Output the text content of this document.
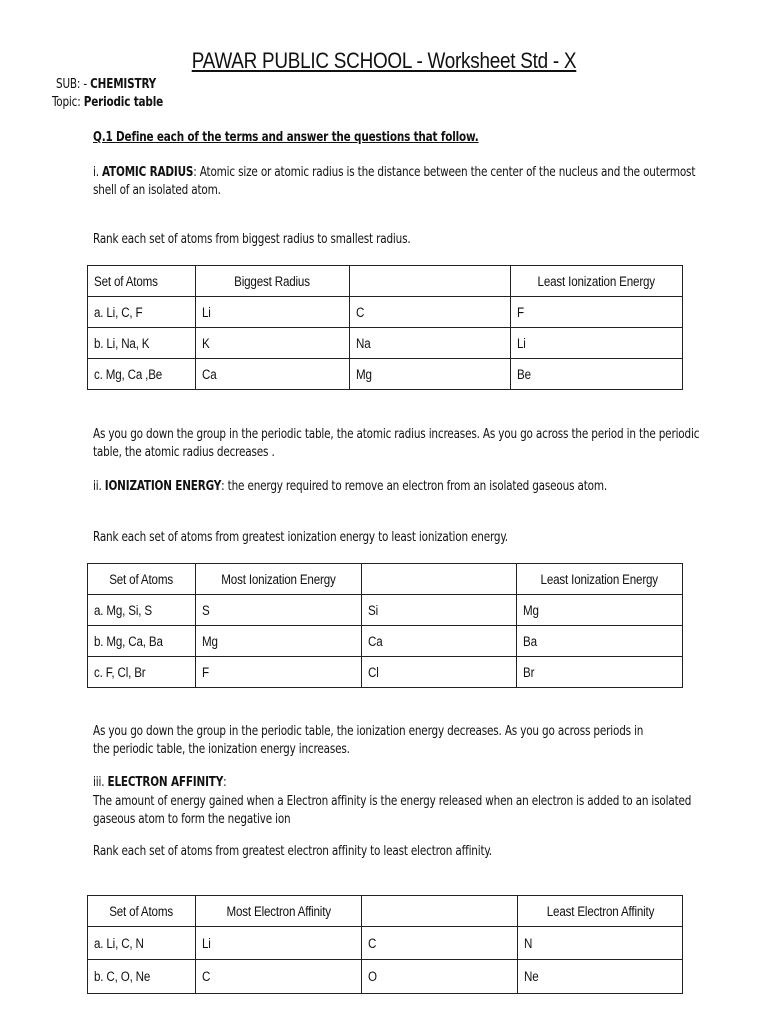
PAWAR PUBLIC SCHOOL - Worksheet Std - X
SUB: - CHEMISTRY
Topic: Periodic table
Q.1 Define each of the terms and answer the questions that follow.
i. ATOMIC RADIUS: Atomic size or atomic radius is the distance between the center of the nucleus and the outermost shell of an isolated atom.
Rank each set of atoms from biggest radius to smallest radius.
Set of Atoms	Biggest Radius		Least Ionization Energy
a. Li, C, F	Li	C	F
b. Li, Na, K	K	Na	Li
c. Mg, Ca ,Be	Ca	Mg	Be
As you go down the group in the periodic table, the atomic radius increases. As you go across the period in the periodic table, the atomic radius decreases .
ii. IONIZATION ENERGY: the energy required to remove an electron from an isolated gaseous atom.
Rank each set of atoms from greatest ionization energy to least ionization energy.
Set of Atoms	Most Ionization Energy		Least Ionization Energy
a. Mg, Si, S	S	Si	Mg
b. Mg, Ca, Ba	Mg	Ca	Ba
c. F, Cl, Br	F	Cl	Br
As you go down the group in the periodic table, the ionization energy decreases. As you go across periods in the periodic table, the ionization energy increases.
iii. ELECTRON AFFINITY:
The amount of energy gained when a Electron affinity is the energy released when an electron is added to an isolated gaseous atom to form the negative ion
Rank each set of atoms from greatest electron affinity to least electron affinity.
Set of Atoms	Most Electron Affinity		Least Electron Affinity
a. Li, C, N	Li	C	N
b. C, O, Ne	C	O	Ne
